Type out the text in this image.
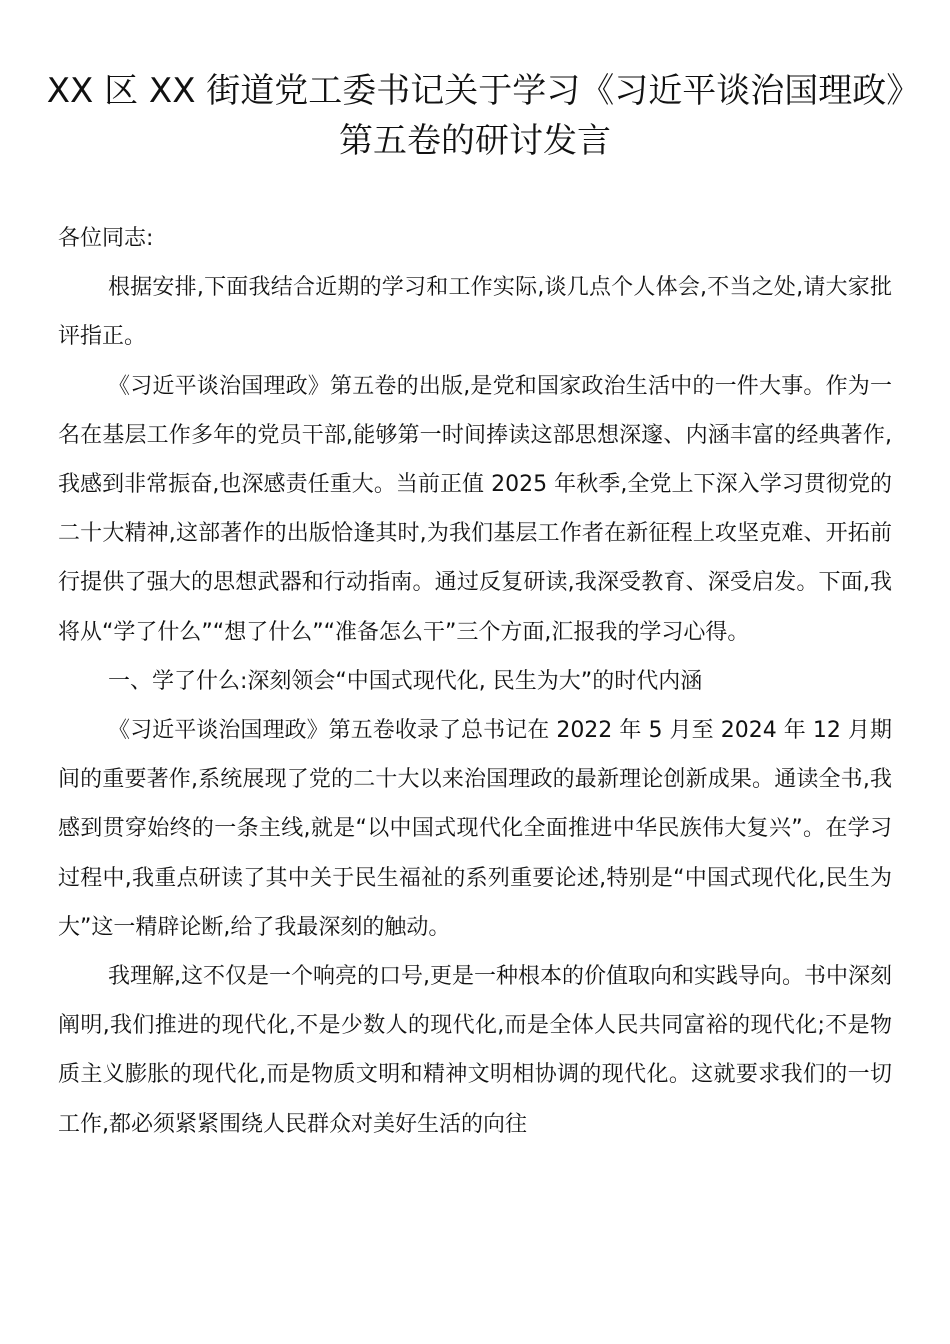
XX 区 XX 街道党工委书记关于学习《习近平谈治国理政》第五卷的研讨发言

各位同志:

根据安排,下面我结合近期的学习和工作实际,谈几点个人体会,不当之处,请大家批评指正。

《习近平谈治国理政》第五卷的出版,是党和国家政治生活中的一件大事。作为一名在基层工作多年的党员干部,能够第一时间捧读这部思想深邃、内涵丰富的经典著作,我感到非常振奋,也深感责任重大。当前正值 2025 年秋季,全党上下深入学习贯彻党的二十大精神,这部著作的出版恰逢其时,为我们基层工作者在新征程上攻坚克难、开拓前行提供了强大的思想武器和行动指南。通过反复研读,我深受教育、深受启发。下面,我将从“学了什么”“想了什么”“准备怎么干”三个方面,汇报我的学习心得。

一、学了什么:深刻领会“中国式现代化, 民生为大”的时代内涵

《习近平谈治国理政》第五卷收录了总书记在 2022 年 5 月至 2024 年 12 月期间的重要著作,系统展现了党的二十大以来治国理政的最新理论创新成果。通读全书,我感到贯穿始终的一条主线,就是“以中国式现代化全面推进中华民族伟大复兴”。在学习过程中,我重点研读了其中关于民生福祉的系列重要论述,特别是“中国式现代化,民生为大”这一精辟论断,给了我最深刻的触动。

我理解,这不仅是一个响亮的口号,更是一种根本的价值取向和实践导向。书中深刻阐明,我们推进的现代化,不是少数人的现代化,而是全体人民共同富裕的现代化;不是物质主义膨胀的现代化,而是物质文明和精神文明相协调的现代化。这就要求我们的一切工作,都必须紧紧围绕人民群众对美好生活的向往
